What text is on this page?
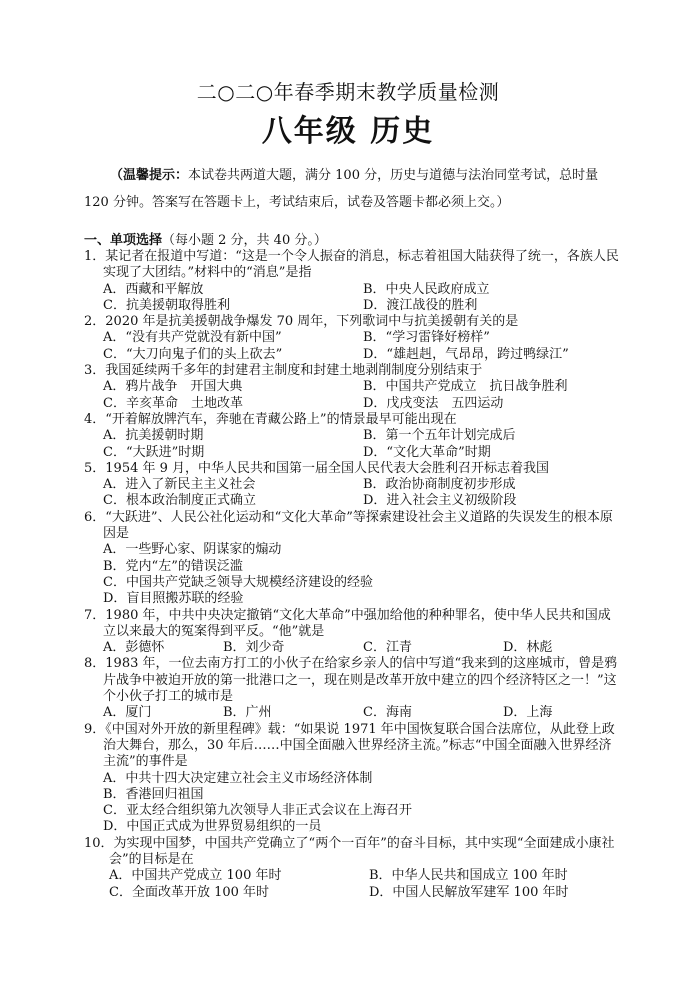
二○二○年春季期末教学质量检测
八年级 历史
（温馨提示：本试卷共两道大题，满分 100 分，历史与道德与法治同堂考试，总时量 120 分钟。答案写在答题卡上，考试结束后，试卷及答题卡都必须上交。）
一、单项选择（每小题 2 分，共 40 分。）
1．某记者在报道中写道：“这是一个令人振奋的消息，标志着祖国大陆获得了统一，各族人民实现了大团结。”材料中的“消息”是指
A．西藏和平解放	B．中央人民政府成立
C．抗美援朝取得胜利	D．渡江战役的胜利
2．2020 年是抗美援朝战争爆发 70 周年，下列歌词中与抗美援朝有关的是
A．“没有共产党就没有新中国”	B．“学习雷锋好榜样”
C．“大刀向鬼子们的头上砍去”	D．“雄赳赳，气昂昂，跨过鸭绿江”
3．我国延续两千多年的封建君主制度和封建土地剥削制度分别结束于
A．鸦片战争　开国大典	B．中国共产党成立　抗日战争胜利
C．辛亥革命　土地改革	D．戊戌变法　五四运动
4．“开着解放牌汽车，奔驰在青藏公路上”的情景最早可能出现在
A．抗美援朝时期	B．第一个五年计划完成后
C．“大跃进”时期	D．“文化大革命”时期
5．1954 年 9 月，中华人民共和国第一届全国人民代表大会胜利召开标志着我国
A．进入了新民主主义社会	B．政治协商制度初步形成
C．根本政治制度正式确立	D．进入社会主义初级阶段
6．“大跃进”、人民公社化运动和“文化大革命”等探索建设社会主义道路的失误发生的根本原因是
A．一些野心家、阴谋家的煽动
B．党内“左”的错误泛滥
C．中国共产党缺乏领导大规模经济建设的经验
D．盲目照搬苏联的经验
7．1980 年，中共中央决定撤销“文化大革命”中强加给他的种种罪名，使中华人民共和国成立以来最大的冤案得到平反。“他”就是
A．彭德怀	B．刘少奇	C．江青	D．林彪
8．1983 年，一位去南方打工的小伙子在给家乡亲人的信中写道“我来到的这座城市，曾是鸦片战争中被迫开放的第一批港口之一，现在则是改革开放中建立的四个经济特区之一！”这个小伙子打工的城市是
A．厦门	B．广州	C．海南	D．上海
9．《中国对外开放的新里程碑》载：“如果说 1971 年中国恢复联合国合法席位，从此登上政治大舞台，那么，30 年后……中国全面融入世界经济主流。”标志“中国全面融入世界经济主流”的事件是
A．中共十四大决定建立社会主义市场经济体制
B．香港回归祖国
C．亚太经合组织第九次领导人非正式会议在上海召开
D．中国正式成为世界贸易组织的一员
10．为实现中国梦，中国共产党确立了“两个一百年”的奋斗目标，其中实现“全面建成小康社会”的目标是在
A．中国共产党成立 100 年时	B．中华人民共和国成立 100 年时
C．全面改革开放 100 年时	D．中国人民解放军建军 100 年时
